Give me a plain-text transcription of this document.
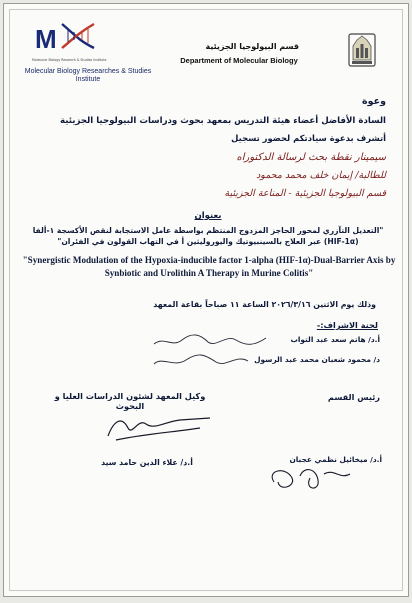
M
Molecular Biology Research & Studies Institute
Molecular Biology Researches & Studies Institute
قسم البيولوجيا الجزيئية
Department of Molecular Biology
وعوة
السادة الأفاضل أعضاء هيئة التدريس بمعهد بحوث ودراسات البيولوجيا الجزيئية
أتشرف بدعوة سيادتكم لحضور تسجيل
سيمينار نقطة بحث لرسالة الدكتوراه
للطالبة/ إيمان خلف محمد محمود
قسم البيولوجيا الجزيئية - المناعة الجزيئية
بعنوان
"التعديل التآزري لمحور الحاجز المزدوج المنتظم بواسطة عامل الاستجابة لنقص الأكسجة ١-ألفا (HIF-1α) عبر العلاج بالسينبيوتيك واليوروليثين أ في التهاب القولون في الفئران"
"Synergistic Modulation of the Hypoxia-inducible factor 1-alpha (HIF-1α)-Dual-Barrier Axis by Synbiotic and Urolithin A Therapy in Murine Colitis"
وذلك يوم الاثنين ٢٠٢٦/٣/١٦ الساعة ١١ صباحاً بقاعة المعهد
لجنة الاشراف:-
أ.د/ هاتم سعد عبد التواب
د/ محمود شعبان محمد عبد الرسول
رئيس القسم
وكيل المعهد لشئون الدراسات العليا و البحوث
أ.د/ علاء الدين حامد سيد	أ.د/ ميخائيل نظمي عجبان
